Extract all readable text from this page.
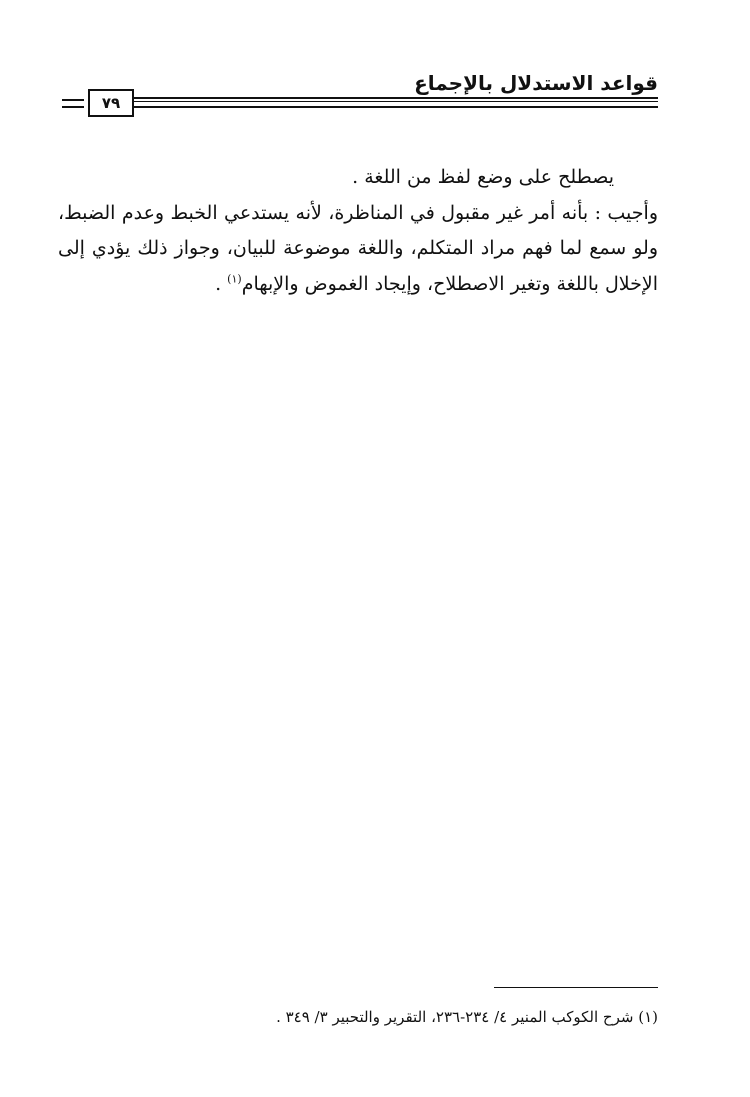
قواعد الاستدلال بالإجماع
٧٩

يصطلح على وضع لفظ من اللغة .

وأجيب : بأنه أمر غير مقبول في المناظرة، لأنه يستدعي الخبط وعدم الضبط، ولو سمع لما فهم مراد المتكلم، واللغة موضوعة للبيان، وجواز ذلك يؤدي إلى الإخلال باللغة وتغير الاصطلاح، وإيجاد الغموض والإبهام$^{(١)}$ .

(١) شرح الكوكب المنير ٤/ ٢٣٤-٢٣٦، التقرير والتحبير ٣/ ٣٤٩ .
